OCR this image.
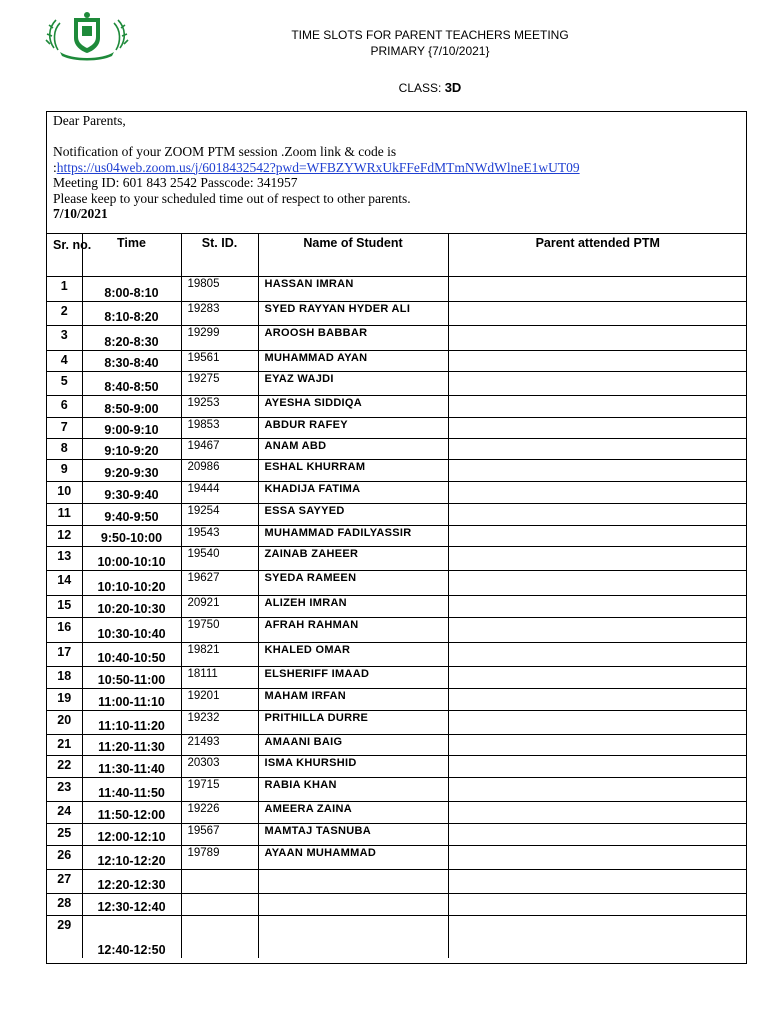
TIME SLOTS FOR PARENT TEACHERS MEETING
PRIMARY {7/10/2021}
CLASS: 3D

Dear Parents,

Notification of your ZOOM PTM session .Zoom link & code is

:https://us04web.zoom.us/j/6018432542?pwd=WFBZYWRxUkFFeFdMTmNWdWlneE1wUT09

Meeting ID: 601 843 2542 Passcode: 341957

Please keep to your scheduled time out of respect to other parents.

7/10/2021

Sr. no.	Time	St. ID.	Name of Student	Parent attended PTM
1	8:00-8:10	19805	HASSAN IMRAN	
2	8:10-8:20	19283	SYED RAYYAN HYDER ALI	
3	8:20-8:30	19299	AROOSH BABBAR	
4	8:30-8:40	19561	MUHAMMAD AYAN	
5	8:40-8:50	19275	EYAZ WAJDI	
6	8:50-9:00	19253	AYESHA SIDDIQA	
7	9:00-9:10	19853	ABDUR RAFEY	
8	9:10-9:20	19467	ANAM ABD	
9	9:20-9:30	20986	ESHAL KHURRAM	
10	9:30-9:40	19444	KHADIJA FATIMA	
11	9:40-9:50	19254	ESSA SAYYED	
12	9:50-10:00	19543	MUHAMMAD FADILYASSIR	
13	10:00-10:10	19540	ZAINAB ZAHEER	
14	10:10-10:20	19627	SYEDA RAMEEN	
15	10:20-10:30	20921	ALIZEH IMRAN	
16	10:30-10:40	19750	AFRAH RAHMAN	
17	10:40-10:50	19821	KHALED OMAR	
18	10:50-11:00	18111	ELSHERIFF IMAAD	
19	11:00-11:10	19201	MAHAM IRFAN	
20	11:10-11:20	19232	PRITHILLA DURRE	
21	11:20-11:30	21493	AMAANI BAIG	
22	11:30-11:40	20303	ISMA KHURSHID	
23	11:40-11:50	19715	RABIA KHAN	
24	11:50-12:00	19226	AMEERA ZAINA	
25	12:00-12:10	19567	MAMTAJ TASNUBA	
26	12:10-12:20	19789	AYAAN MUHAMMAD	
27	12:20-12:30			
28	12:30-12:40			
29	12:40-12:50			
